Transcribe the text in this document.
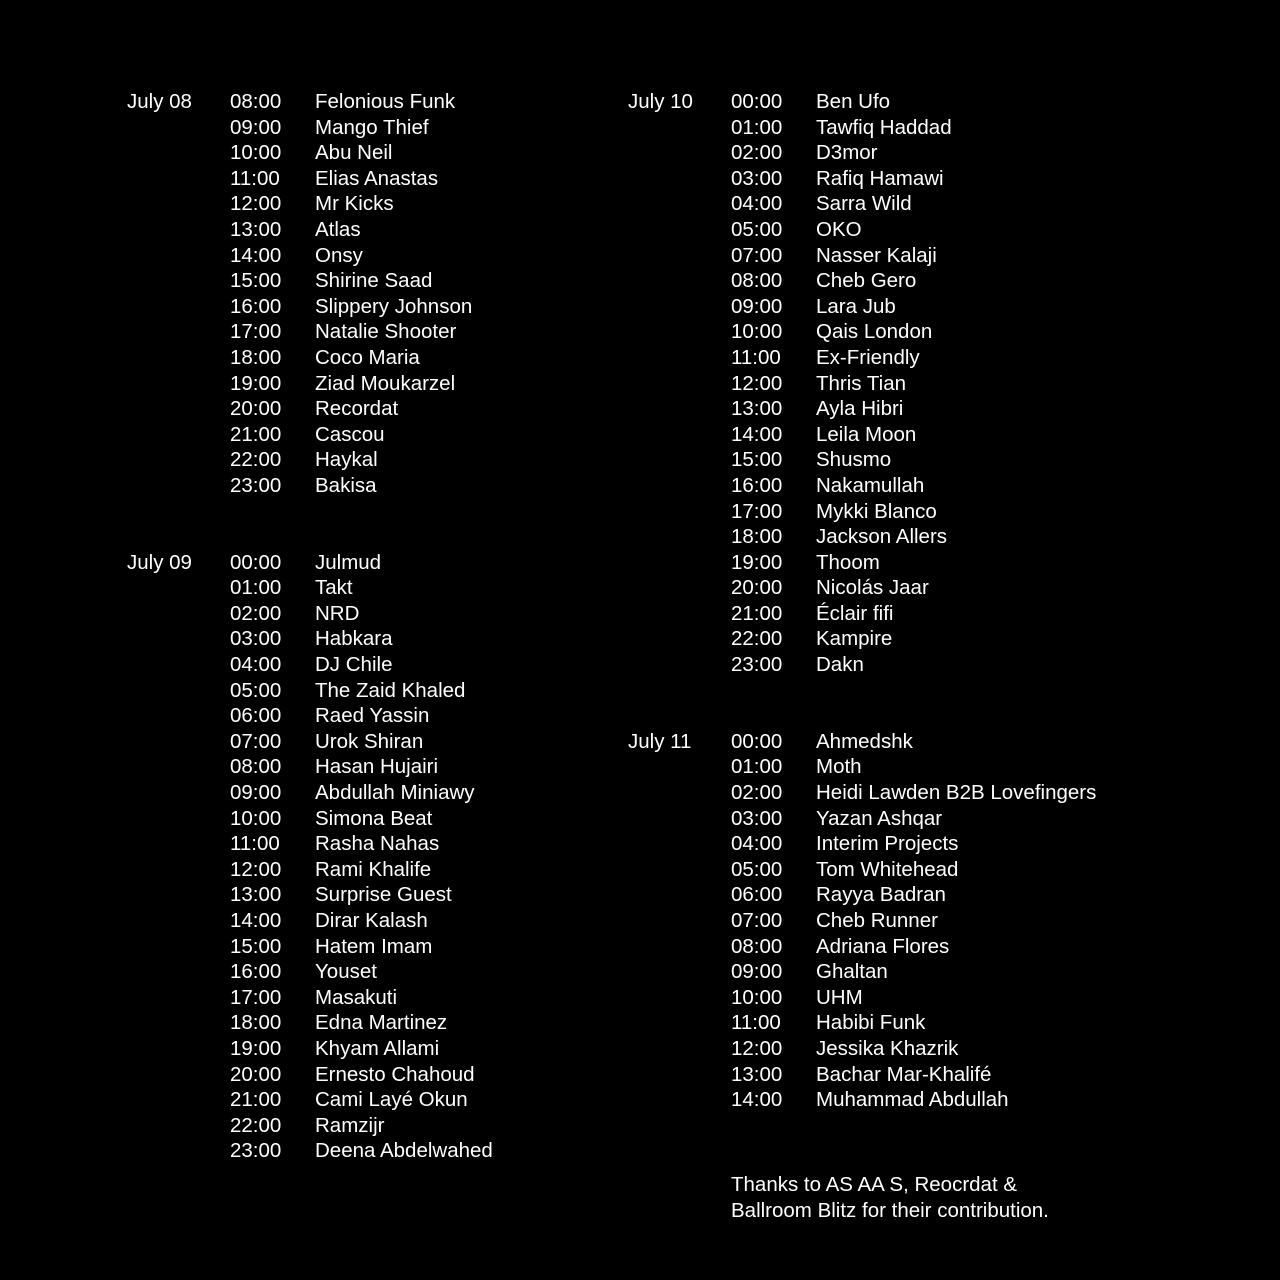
July 08 08:00 Felonious Funk
09:00 Mango Thief
10:00 Abu Neil
11:00 Elias Anastas
12:00 Mr Kicks
13:00 Atlas
14:00 Onsy
15:00 Shirine Saad
16:00 Slippery Johnson
17:00 Natalie Shooter
18:00 Coco Maria
19:00 Ziad Moukarzel
20:00 Recordat
21:00 Cascou
22:00 Haykal
23:00 Bakisa
July 09 00:00 Julmud
01:00 Takt
02:00 NRD
03:00 Habkara
04:00 DJ Chile
05:00 The Zaid Khaled
06:00 Raed Yassin
07:00 Urok Shiran
08:00 Hasan Hujairi
09:00 Abdullah Miniawy
10:00 Simona Beat
11:00 Rasha Nahas
12:00 Rami Khalife
13:00 Surprise Guest
14:00 Dirar Kalash
15:00 Hatem Imam
16:00 Youset
17:00 Masakuti
18:00 Edna Martinez
19:00 Khyam Allami
20:00 Ernesto Chahoud
21:00 Cami Layé Okun
22:00 Ramzijr
23:00 Deena Abdelwahed
July 10 00:00 Ben Ufo
01:00 Tawfiq Haddad
02:00 D3mor
03:00 Rafiq Hamawi
04:00 Sarra Wild
05:00 OKO
07:00 Nasser Kalaji
08:00 Cheb Gero
09:00 Lara Jub
10:00 Qais London
11:00 Ex-Friendly
12:00 Thris Tian
13:00 Ayla Hibri
14:00 Leila Moon
15:00 Shusmo
16:00 Nakamullah
17:00 Mykki Blanco
18:00 Jackson Allers
19:00 Thoom
20:00 Nicolás Jaar
21:00 Éclair fifi
22:00 Kampire
23:00 Dakn
July 11 00:00 Ahmedshk
01:00 Moth
02:00 Heidi Lawden B2B Lovefingers
03:00 Yazan Ashqar
04:00 Interim Projects
05:00 Tom Whitehead
06:00 Rayya Badran
07:00 Cheb Runner
08:00 Adriana Flores
09:00 Ghaltan
10:00 UHM
11:00 Habibi Funk
12:00 Jessika Khazrik
13:00 Bachar Mar-Khalifé
14:00 Muhammad Abdullah
Thanks to AS AA S, Reocrdat &
Ballroom Blitz for their contribution.
